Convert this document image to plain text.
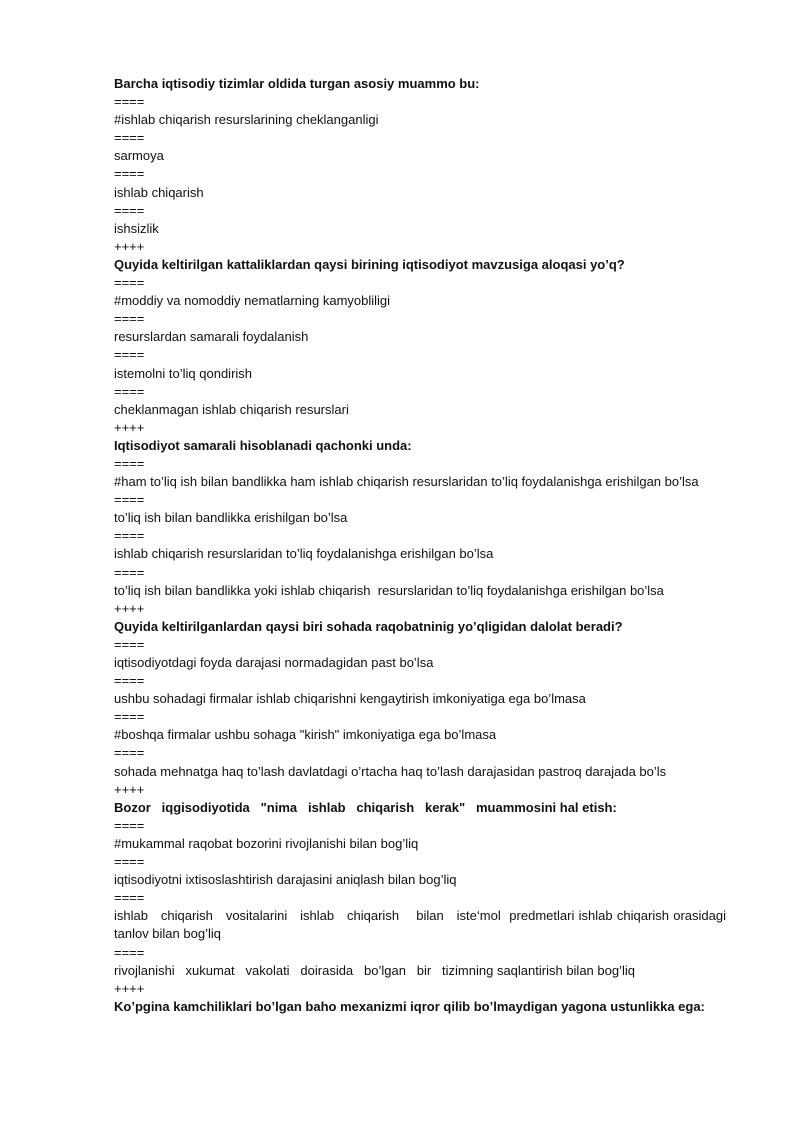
Barcha iqtisodiy tizimlar oldida turgan asosiy muammo bu:
====
#ishlab chiqarish resurslarining cheklanganligi
====
sarmoya
====
ishlab chiqarish
====
ishsizlik
++++
Quyida keltirilgan kattaliklardan qaysi birining iqtisodiyot mavzusiga aloqasi yo’q?
====
#moddiy va nomoddiy nematlarning kamyobliligi
====
resurslardan samarali foydalanish
====
istemolni to’liq qondirish
====
cheklanmagan ishlab chiqarish resurslari
++++
Iqtisodiyot samarali hisoblanadi qachonki unda:
====
#ham to’liq ish bilan bandlikka ham ishlab chiqarish resurslaridan to’liq foydalanishga erishilgan bo’lsa
====
to’liq ish bilan bandlikka erishilgan bo’lsa
====
ishlab chiqarish resurslaridan to’liq foydalanishga erishilgan bo’lsa
====
to’liq ish bilan bandlikka yoki ishlab chiqarish  resurslaridan to’liq foydalanishga erishilgan bo’lsa
++++
Quyida keltirilganlardan qaysi biri sohada raqobatninig yo’qligidan dalolat beradi?
====
iqtisodiyotdagi foyda darajasi normadagidan past bo’lsa
====
ushbu sohadagi firmalar ishlab chiqarishni kengaytirish imkoniyatiga ega bo’lmasa
====
#boshqa firmalar ushbu sohaga "kirish" imkoniyatiga ega bo’lmasa
====
sohada mehnatga haq to’lash davlatdagi o’rtacha haq to’lash darajasidan pastroq darajada bo’ls
++++
Bozor   iqgisodiyotida   "nima   ishlab   chiqarish   kerak"   muammosini hal etish:
====
#mukammal raqobat bozorini rivojlanishi bilan bog’liq
====
iqtisodiyotni ixtisoslashtirish darajasini aniqlash bilan bog’liq
====
ishlab   chiqarish   vositalarini   ishlab   chiqarish    bilan   iste‘mol  predmetlari ishlab chiqarish orasidagi tanlov bilan bog’liq
====
rivojlanishi   xukumat   vakolati   doirasida   bo’lgan   bir   tizimning saqlantirish bilan bog’liq
++++
Ko’pgina kamchiliklari bo’lgan baho mexanizmi iqror qilib bo’lmaydigan yagona ustunlikka ega:
